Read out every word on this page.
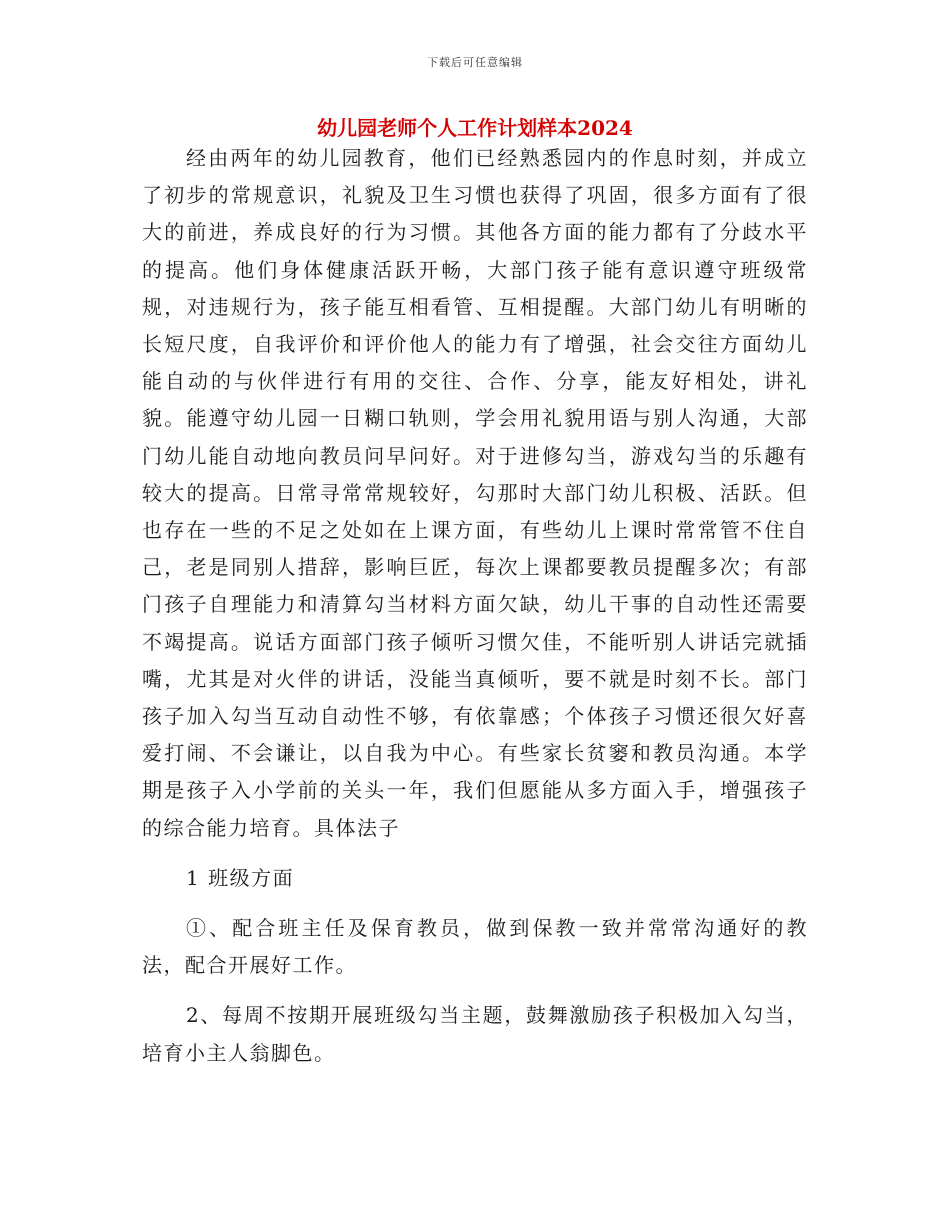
下载后可任意编辑
幼儿园老师个人工作计划样本2024

经由两年的幼儿园教育，他们已经熟悉园内的作息时刻，并成立了初步的常规意识，礼貌及卫生习惯也获得了巩固，很多方面有了很大的前进，养成良好的行为习惯。其他各方面的能力都有了分歧水平的提高。他们身体健康活跃开畅，大部门孩子能有意识遵守班级常规，对违规行为，孩子能互相看管、互相提醒。大部门幼儿有明晰的长短尺度，自我评价和评价他人的能力有了增强，社会交往方面幼儿能自动的与伙伴进行有用的交往、合作、分享，能友好相处，讲礼貌。能遵守幼儿园一日糊口轨则，学会用礼貌用语与别人沟通，大部门幼儿能自动地向教员问早问好。对于进修勾当，游戏勾当的乐趣有较大的提高。日常寻常常规较好，勾那时大部门幼儿积极、活跃。但也存在一些的不足之处如在上课方面，有些幼儿上课时常常管不住自己，老是同别人措辞，影响巨匠，每次上课都要教员提醒多次；有部门孩子自理能力和清算勾当材料方面欠缺，幼儿干事的自动性还需要不竭提高。说话方面部门孩子倾听习惯欠佳，不能听别人讲话完就插嘴，尤其是对火伴的讲话，没能当真倾听，要不就是时刻不长。部门孩子加入勾当互动自动性不够，有依靠感；个体孩子习惯还很欠好喜爱打闹、不会谦让，以自我为中心。有些家长贫窭和教员沟通。本学期是孩子入小学前的关头一年，我们但愿能从多方面入手，增强孩子的综合能力培育。具体法子

1 班级方面

①、配合班主任及保育教员，做到保教一致并常常沟通好的教法，配合开展好工作。

2、每周不按期开展班级勾当主题，鼓舞激励孩子积极加入勾当，培育小主人翁脚色。
